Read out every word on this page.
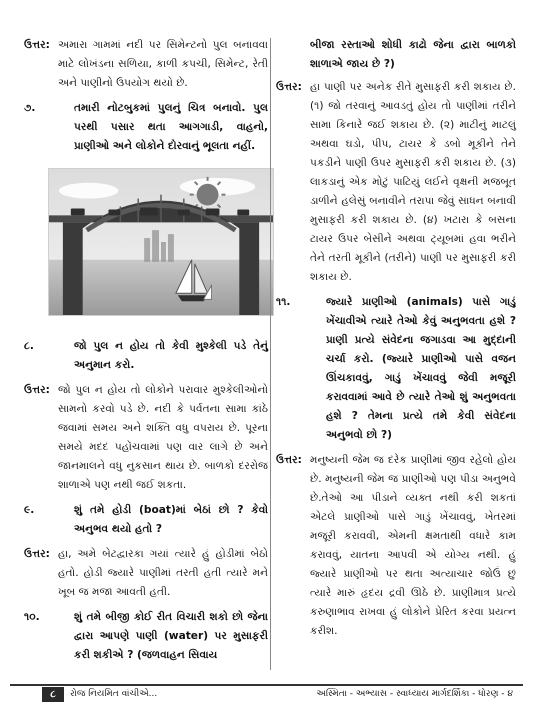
ઉત્તર: અમારા ગામમાં નદી પર સિમેન્ટનો પુલ બનાવવા માટે લોખંડના સળિયા, કાળી કપચી, સિમેન્ટ, રેતી અને પાણીનો ઉપયોગ થયો છે.
૭.	તમારી નોટબુકમાં પુલનું ચિત્ર બનાવો. પુલ પરથી પસાર થતા આગગાડી, વાહનો, પ્રાણીઓ અને લોકોને દોરવાનું ભૂલતા નહીં.
૮.	જો પુલ ન હોય તો કેવી મુશ્કેલી પડે તેનું અનુમાન કરો.
ઉત્તર: જો પુલ ન હોય તો લોકોને પરાવાર મુશ્કેલીઓનો સામનો કરવો પડે છે. નદી કે પર્વતના સામા કાંઠે જવામાં સમય અને શક્તિ વધુ વપરાય છે. પૂરના સમયે મદદ પહોંચવામાં પણ વાર લાગે છે અને જાનમાલને વધુ નુકસાન થાય છે. બાળકો દરરોજ શાળાએ પણ નથી જઈ શકતા.
૯.	શું તમે હોડી (boat)માં બેઠાં છો ? કેવો અનુભવ થયો હતો ?
ઉત્તર: હા, અમે બેટદ્વારકા ગયાં ત્યારે હું હોડીમાં બેઠો હતો. હોડી જ્યારે પાણીમાં તરતી હતી ત્યારે મને ખૂબ જ મજા આવતી હતી.
૧૦.	શું તમે બીજી કોઈ રીત વિચારી શકો છો જેના દ્વારા આપણે પાણી (water) પર મુસાફરી કરી શકીએ ? (જળવાહન સિવાય
બીજા રસ્તાઓ શોધી કાઢો જેના દ્વારા બાળકો શાળાએ જાય છે ?)
ઉત્તર: હા પાણી પર અનેક રીતે મુસાફરી કરી શકાય છે. (૧) જો તરવાનું આવડતું હોય તો પાણીમાં તરીને સામા કિનારે જઈ શકાય છે. (૨) માટીનું માટલું અથવા ઘડો, પીપ, ટાયર કે ડબો મૂકીને તેને પકડીને પાણી ઉપર મુસાફરી કરી શકાય છે. (૩) લાકડાનું એક મોટું પાટિયું લઈને વૃક્ષની મજબૂત ડાળીને હલેસું બનાવીને તરાપા જેવું સાધન બનાવી મુસાફરી કરી શકાય છે. (૪) ખટારા કે બસના ટાયર ઉપર બેસીને અથવા ટ્યૂબમાં હવા ભરીને તેને તરતી મૂકીને (તરીને) પાણી પર મુસાફરી કરી શકાય છે.
૧૧.	જ્યારે પ્રાણીઓ (animals) પાસે ગાડું ખેંચાવીએ ત્યારે તેઓ કેવું અનુભવતા હશે ? પ્રાણી પ્રત્યે સંવેદના જગાડવા આ મુદ્દાની ચર્ચા કરો. (જ્યારે પ્રાણીઓ પાસે વજન ઊંચકાવવું, ગાડું ખેંચાવવું જેવી મજૂરી કરાવવામાં આવે છે ત્યારે તેઓ શું અનુભવતા હશે ? તેમના પ્રત્યે તમે કેવી સંવેદના અનુભવો છો ?)
ઉત્તર: મનુષ્યની જેમ જ દરેક પ્રાણીમાં જીવ રહેલો હોય છે. મનુષ્યની જેમ જ પ્રાણીઓ પણ પીડા અનુભવે છે.તેઓ આ પીડાને વ્યક્ત નથી કરી શકતાં એટલે પ્રાણીઓ પાસે ગાડું ખેંચાવવું, ખેતરમાં મજૂરી કરાવવી, એમની ક્ષમતાથી વધારે કામ કરાવવું, યાતના આપવી એ યોગ્ય નથી. હું જ્યારે પ્રાણીઓ પર થતા અત્યાચાર જોઉં છું ત્યારે મારું હૃદય દ્રવી ઊઠે છે. પ્રાણીમાત્ર પ્રત્યે કરુણાભાવ રાખવા હું લોકોને પ્રેરિત કરવા પ્રયત્ન કરીશ.
૮	રોજ નિયમિત વાંચીએ...	અસ્મિતા - અભ્યાસ - સ્વાધ્યાય માર્ગદર્શિકા - ધોરણ - ૪
